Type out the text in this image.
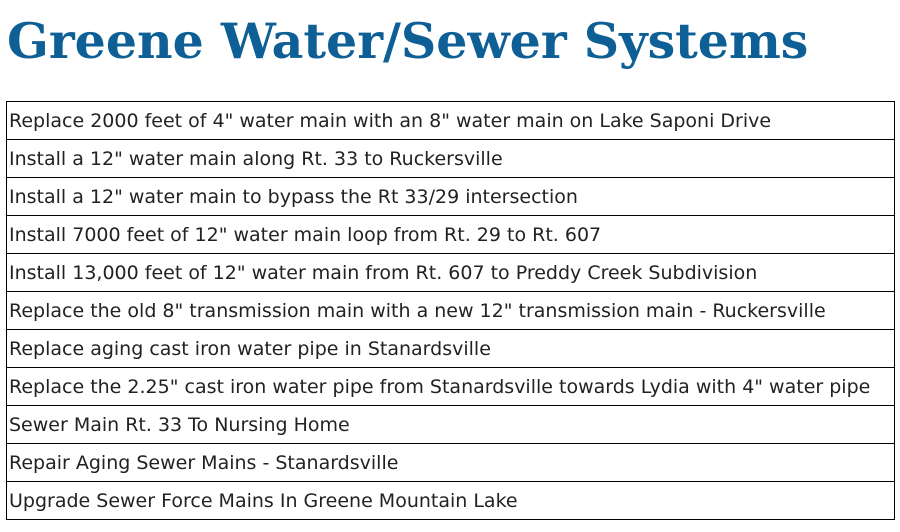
Greene Water/Sewer Systems
Replace 2000 feet of 4" water main with an 8" water main on Lake Saponi Drive
Install a 12" water main along Rt. 33 to Ruckersville
Install a 12" water main to bypass the Rt 33/29 intersection
Install 7000 feet of 12" water main loop from Rt. 29 to Rt. 607
Install 13,000 feet of 12" water main from Rt. 607 to Preddy Creek Subdivision
Replace the old 8" transmission main with a new 12" transmission main - Ruckersville
Replace aging cast iron water pipe in Stanardsville
Replace the 2.25" cast iron water pipe from Stanardsville towards Lydia with 4" water pipe
Sewer Main Rt. 33 To Nursing Home
Repair Aging Sewer Mains - Stanardsville
Upgrade Sewer Force Mains In Greene Mountain Lake
